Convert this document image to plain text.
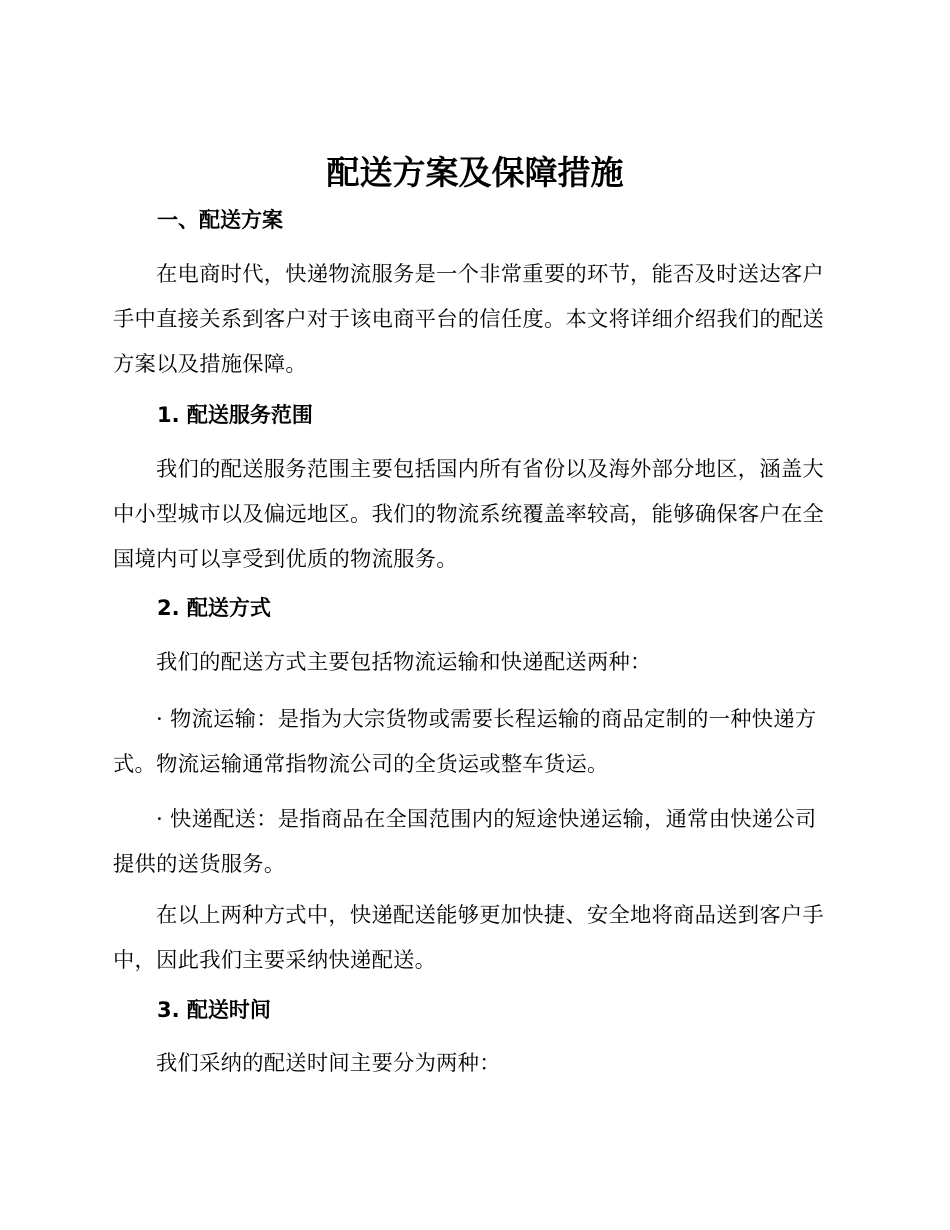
配送方案及保障措施
一、配送方案

在电商时代，快递物流服务是一个非常重要的环节，能否及时送达客户
手中直接关系到客户对于该电商平台的信任度。本文将详细介绍我们的配送
方案以及措施保障。

1. 配送服务范围

我们的配送服务范围主要包括国内所有省份以及海外部分地区，涵盖大
中小型城市以及偏远地区。我们的物流系统覆盖率较高，能够确保客户在全
国境内可以享受到优质的物流服务。

2. 配送方式

我们的配送方式主要包括物流运输和快递配送两种：

· 物流运输：是指为大宗货物或需要长程运输的商品定制的一种快递方
式。物流运输通常指物流公司的全货运或整车货运。

· 快递配送：是指商品在全国范围内的短途快递运输，通常由快递公司
提供的送货服务。

在以上两种方式中，快递配送能够更加快捷、安全地将商品送到客户手
中，因此我们主要采纳快递配送。

3. 配送时间

我们采纳的配送时间主要分为两种：
